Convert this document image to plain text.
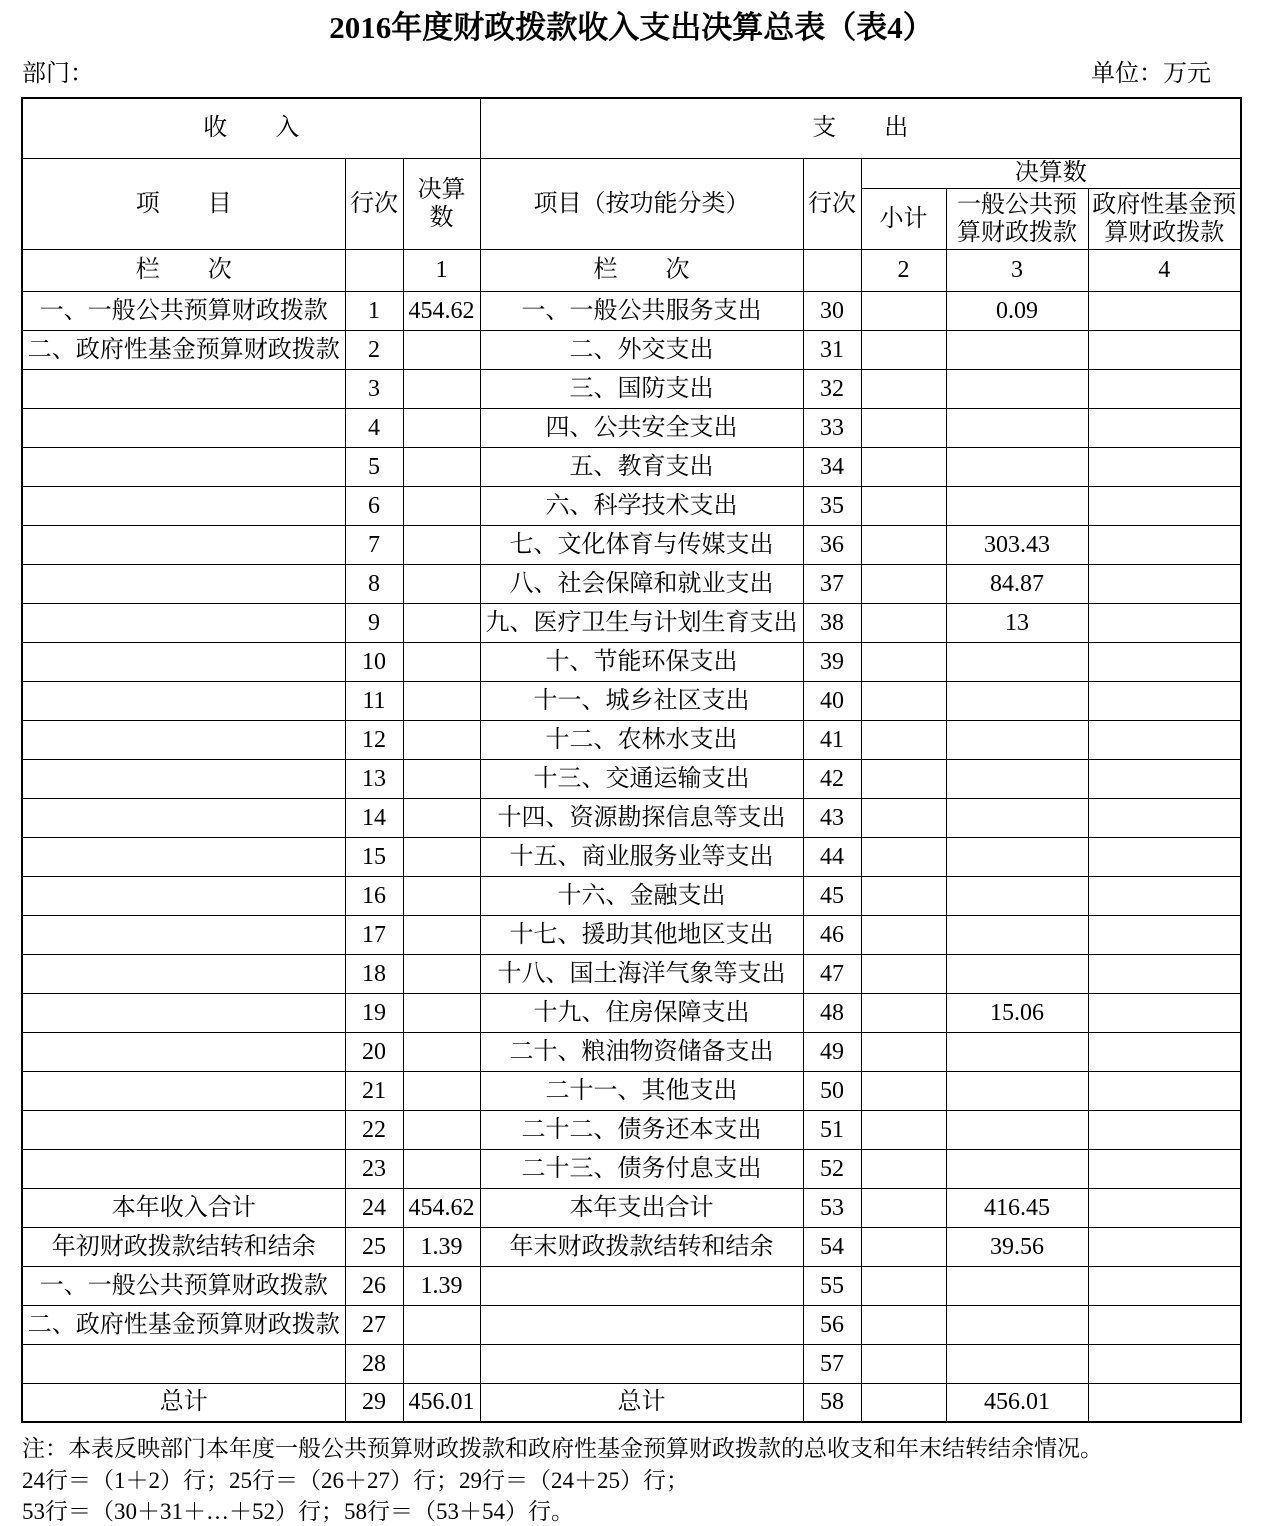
2016年度财政拨款收入支出决算总表（表4）
部门：	单位：万元
收　　入			支　　出				
项　　目	行次	决算数	项目（按功能分类）	行次	决算数		
					小计	一般公共预算财政拨款	政府性基金预算财政拨款
栏　　次		1	栏　　次		2	3	4
一、一般公共预算财政拨款	1	454.62	一、一般公共服务支出	30		0.09	
二、政府性基金预算财政拨款	2		二、外交支出	31			
	3		三、国防支出	32			
	4		四、公共安全支出	33			
	5		五、教育支出	34			
	6		六、科学技术支出	35			
	7		七、文化体育与传媒支出	36		303.43	
	8		八、社会保障和就业支出	37		84.87	
	9		九、医疗卫生与计划生育支出	38		13	
	10		十、节能环保支出	39			
	11		十一、城乡社区支出	40			
	12		十二、农林水支出	41			
	13		十三、交通运输支出	42			
	14		十四、资源勘探信息等支出	43			
	15		十五、商业服务业等支出	44			
	16		十六、金融支出	45			
	17		十七、援助其他地区支出	46			
	18		十八、国土海洋气象等支出	47			
	19		十九、住房保障支出	48		15.06	
	20		二十、粮油物资储备支出	49			
	21		二十一、其他支出	50			
	22		二十二、债务还本支出	51			
	23		二十三、债务付息支出	52			
本年收入合计	24	454.62	本年支出合计	53		416.45	
年初财政拨款结转和结余	25	1.39	年末财政拨款结转和结余	54		39.56	
一、一般公共预算财政拨款	26	1.39		55			
二、政府性基金预算财政拨款	27			56			
	28			57			
总计	29	456.01	总计	58		456.01	
注：本表反映部门本年度一般公共预算财政拨款和政府性基金预算财政拨款的总收支和年末结转结余情况。
24行＝（1＋2）行；25行＝（26＋27）行；29行＝（24＋25）行；
53行＝（30＋31＋…＋52）行；58行＝（53＋54）行。
